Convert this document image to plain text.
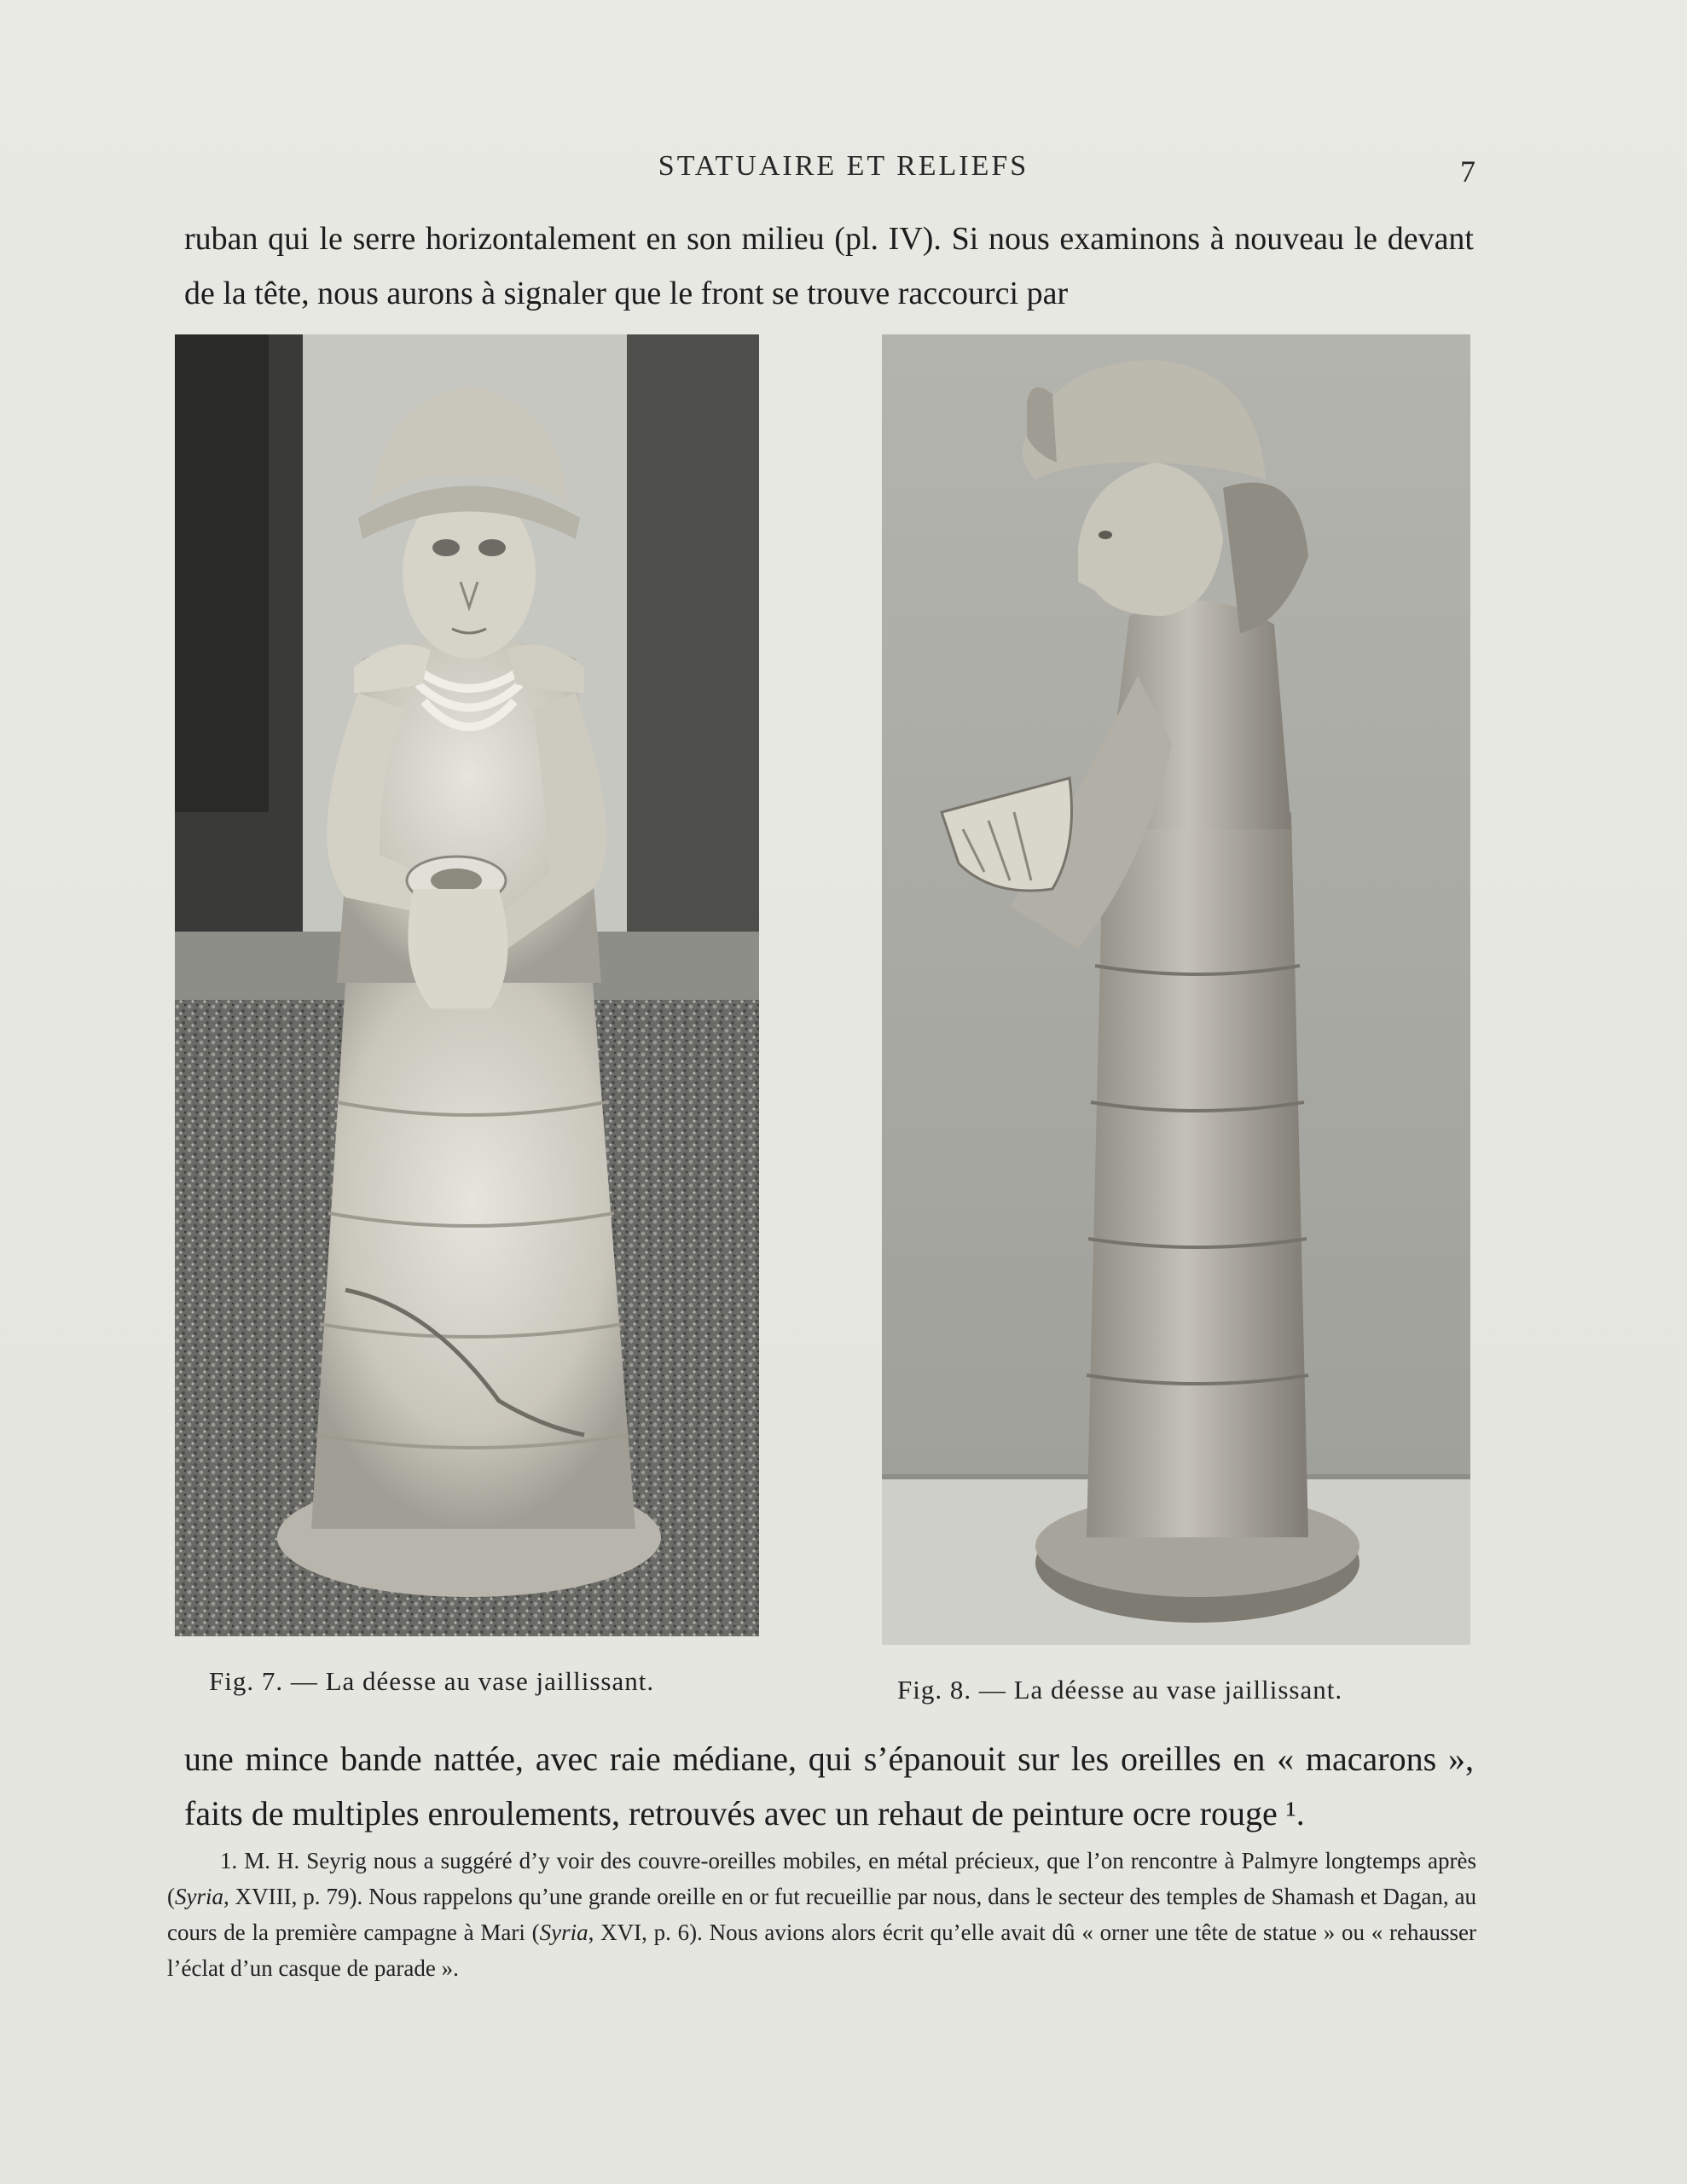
STATUAIRE ET RELIEFS	7
ruban qui le serre horizontalement en son milieu (pl. IV). Si nous examinons à nouveau le devant de la tête, nous aurons à signaler que le front se trouve raccourci par
Fig. 7. — La déesse au vase jaillissant.	Fig. 8. — La déesse au vase jaillissant.
une mince bande nattée, avec raie médiane, qui s’épanouit sur les oreilles en « macarons », faits de multiples enroulements, retrouvés avec un rehaut de peinture ocre rouge ¹.
1. M. H. Seyrig nous a suggéré d’y voir des couvre-oreilles mobiles, en métal précieux, que l’on rencontre à Palmyre longtemps après (Syria, XVIII, p. 79). Nous rappelons qu’une grande oreille en or fut recueillie par nous, dans le secteur des temples de Shamash et Dagan, au cours de la première campagne à Mari (Syria, XVI, p. 6). Nous avions alors écrit qu’elle avait dû « orner une tête de statue » ou « rehausser l’éclat d’un casque de parade ».
